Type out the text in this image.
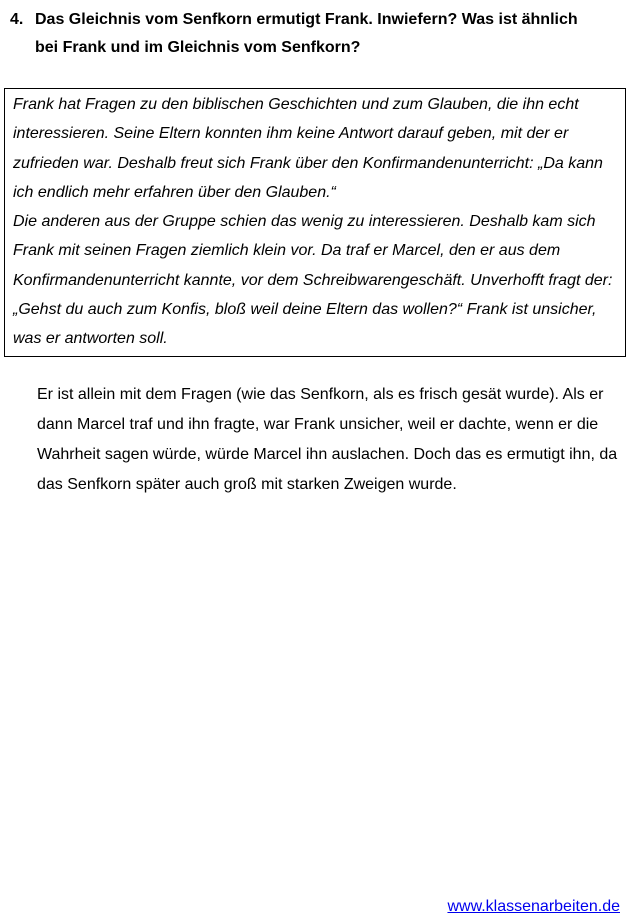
4. Das Gleichnis vom Senfkorn ermutigt Frank. Inwiefern? Was ist ähnlich bei Frank und im Gleichnis vom Senfkorn?

Frank hat Fragen zu den biblischen Geschichten und zum Glauben, die ihn echt interessieren. Seine Eltern konnten ihm keine Antwort darauf geben, mit der er zufrieden war. Deshalb freut sich Frank über den Konfirmandenunterricht: „Da kann ich endlich mehr erfahren über den Glauben.“

Die anderen aus der Gruppe schien das wenig zu interessieren. Deshalb kam sich Frank mit seinen Fragen ziemlich klein vor. Da traf er Marcel, den er aus dem Konfirmandenunterricht kannte, vor dem Schreibwarengeschäft. Unverhofft fragt der: „Gehst du auch zum Konfis, bloß weil deine Eltern das wollen?“ Frank ist unsicher, was er antworten soll.

Er ist allein mit dem Fragen (wie das Senfkorn, als es frisch gesät wurde). Als er dann Marcel traf und ihn fragte, war Frank unsicher, weil er dachte, wenn er die Wahrheit sagen würde, würde Marcel ihn auslachen. Doch das es ermutigt ihn, da das Senfkorn später auch groß mit starken Zweigen wurde.

www.klassenarbeiten.de
